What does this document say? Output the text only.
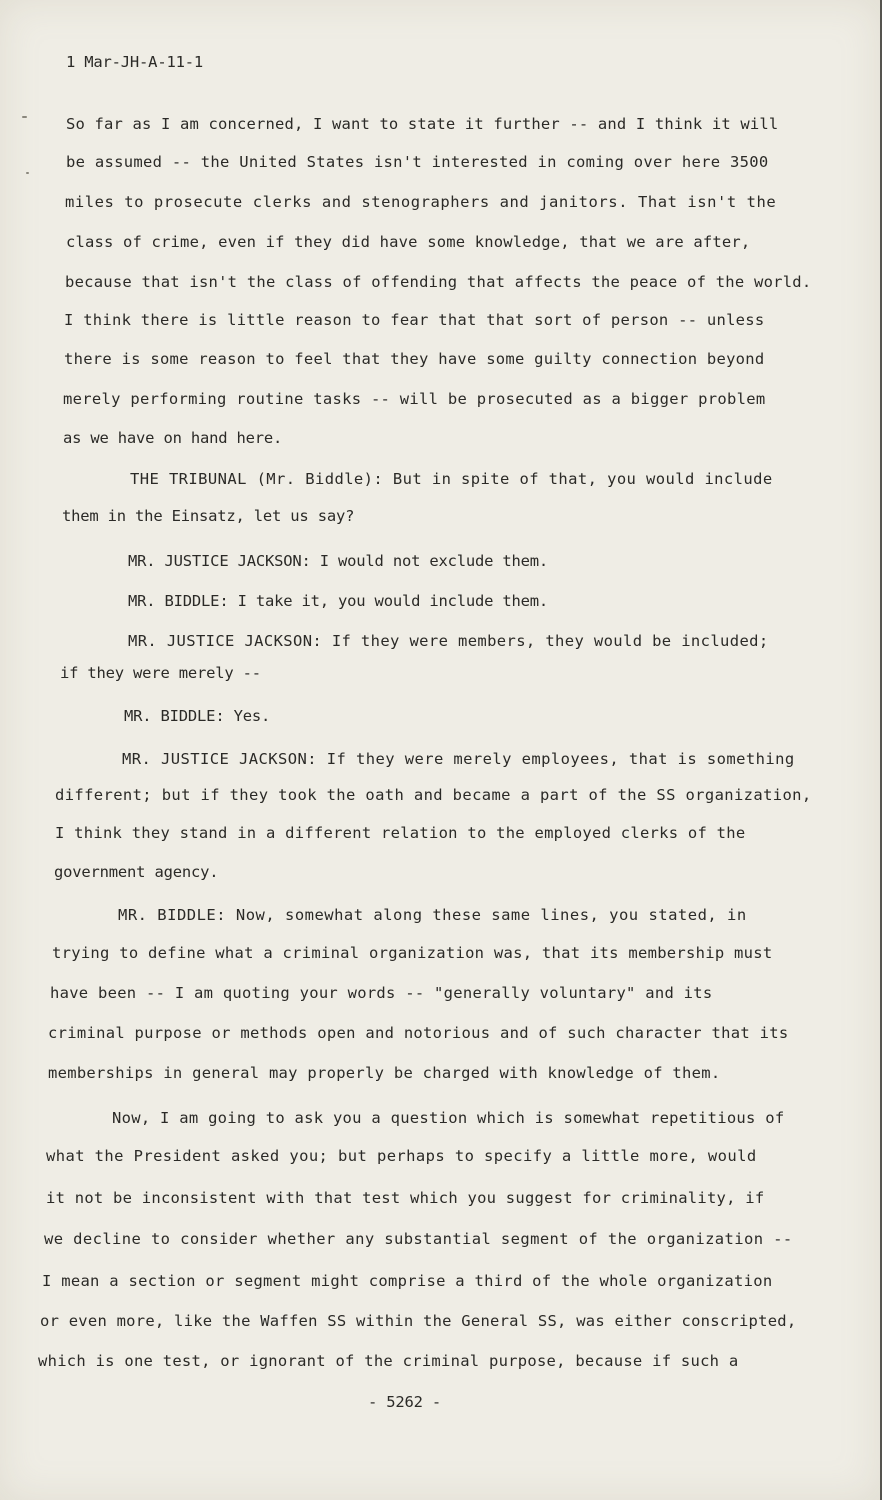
1 Mar-JH-A-11-1
So far as I am concerned, I want to state it further -- and I think it will
be assumed -- the United States isn't interested in coming over here 3500
miles to prosecute clerks and stenographers and janitors. That isn't the
class of crime, even if they did have some knowledge, that we are after,
because that isn't the class of offending that affects the peace of the world.
I think there is little reason to fear that that sort of person -- unless
there is some reason to feel that they have some guilty connection beyond
merely performing routine tasks -- will be prosecuted as a bigger problem
as we have on hand here.
THE TRIBUNAL (Mr. Biddle): But in spite of that, you would include
them in the Einsatz, let us say?
MR. JUSTICE JACKSON: I would not exclude them.
MR. BIDDLE: I take it, you would include them.
MR. JUSTICE JACKSON: If they were members, they would be included;
if they were merely --
MR. BIDDLE: Yes.
MR. JUSTICE JACKSON: If they were merely employees, that is something
different; but if they took the oath and became a part of the SS organization,
I think they stand in a different relation to the employed clerks of the
government agency.
MR. BIDDLE: Now, somewhat along these same lines, you stated, in
trying to define what a criminal organization was, that its membership must
have been -- I am quoting your words -- "generally voluntary" and its
criminal purpose or methods open and notorious and of such character that its
memberships in general may properly be charged with knowledge of them.
Now, I am going to ask you a question which is somewhat repetitious of
what the President asked you; but perhaps to specify a little more, would
it not be inconsistent with that test which you suggest for criminality, if
we decline to consider whether any substantial segment of the organization --
I mean a section or segment might comprise a third of the whole organization
or even more, like the Waffen SS within the General SS, was either conscripted,
which is one test, or ignorant of the criminal purpose, because if such a
- 5262 -
